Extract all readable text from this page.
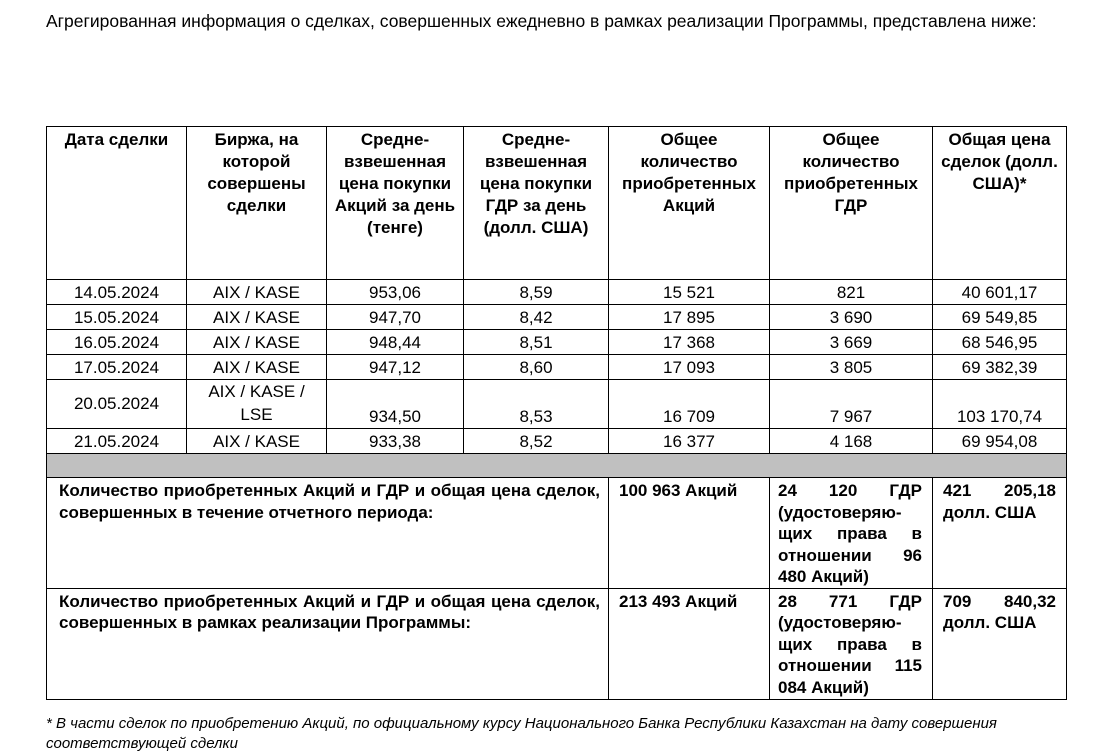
Агрегированная информация о сделках, совершенных ежедневно в рамках реализации Программы, представлена ниже:

Дата сделки	Биржа, на которой совершены сделки	Средне-взвешенная цена покупки Акций за день (тенге)	Средне-взвешенная цена покупки ГДР за день (долл. США)	Общее количество приобретенных Акций	Общее количество приобретенных ГДР	Общая цена сделок (долл. США)*
14.05.2024	AIX / KASE	953,06	8,59	15 521	821	40 601,17
15.05.2024	AIX / KASE	947,70	8,42	17 895	3 690	69 549,85
16.05.2024	AIX / KASE	948,44	8,51	17 368	3 669	68 546,95
17.05.2024	AIX / KASE	947,12	8,60	17 093	3 805	69 382,39
20.05.2024	AIX / KASE / LSE	934,50	8,53	16 709	7 967	103 170,74
21.05.2024	AIX / KASE	933,38	8,52	16 377	4 168	69 954,08

Количество приобретенных Акций и ГДР и общая цена сделок, совершенных в течение отчетного периода:				100 963 Акций	24 120 ГДР (удостоверяю-щих права в отношении 96 480 Акций)	421 205,18 долл. США
Количество приобретенных Акций и ГДР и общая цена сделок, совершенных в рамках реализации Программы:				213 493 Акций	28 771 ГДР (удостоверяю-щих права в отношении 115 084 Акций)	709 840,32 долл. США

* В части сделок по приобретению Акций, по официальному курсу Национального Банка Республики Казахстан на дату совершения соответствующей сделки
